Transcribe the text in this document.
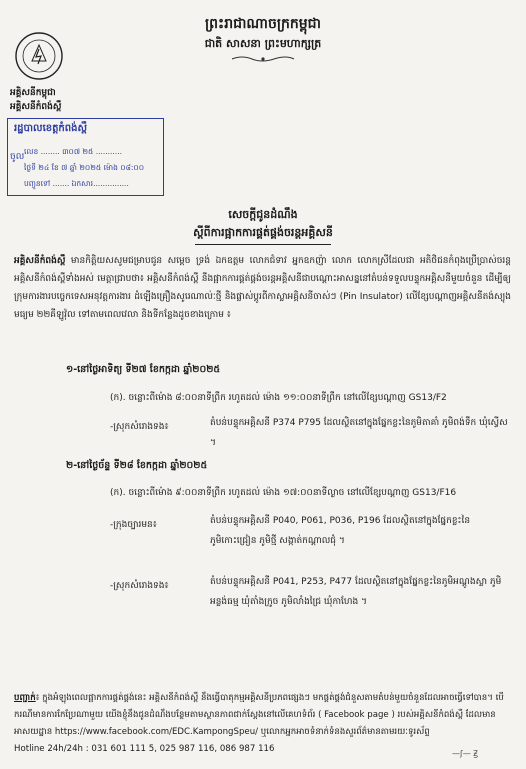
ព្រះរាជាណាចក្រកម្ពុជា
ជាតិ សាសនា ព្រះមហាក្សត្រ
អគ្គិសនីកម្ពុជា
អគ្គិសនីកំពង់ស្ពឺ
រដ្ឋបាលខេត្តកំពង់ស្ពឺ
ចូល
លេខ ........ ៣០៧ ២៥ ...........
ថ្ងៃទី ២៤ ខែ ៧ ឆ្នាំ ២០២៥ ម៉ោង ០៨:០០
បញ្ជូនទៅ ....... ឯកសារ...............
សេចក្តីជូនដំណឹង
ស្តីពីការផ្អាកការផ្គត់ផ្គង់ចរន្តអគ្គិសនី
អគ្គិសនីកំពង់ស្ពឺ មានកិត្តិយសសូមជម្រាបជូន សម្តេច ទ្រង់ ឯកឧត្តម លោកជំទាវ អ្នកឧកញ៉ា លោក លោកស្រីដែលជា អតិថិជនកំពុងប្រើប្រាស់ចរន្តអគ្គិសនីកំពង់ស្ពឺទាំងអស់ មេត្តាជ្រាបថា៖ អគ្គិសនីកំពង់ស្ពឺ នឹងផ្អាកការផ្គត់ផ្គង់ចរន្តអគ្គិសនីជាបណ្តោះអាសន្ននៅតំបន់ទទួលបន្ទុកអគ្គិសនីមួយចំនួន ដើម្បីឲ្យក្រុមការងារបច្ចេកទេសអនុវត្តការងារ ដំឡើងគ្រឿងសូរេណាល់ៈថ្មី និងផ្លាស់ប្តូរពីកាស្លាអគ្គិសនីចាស់ៗ (Pin Insulator) លើខ្សែបណ្តាញអគ្គិសនីតង់ស្យុងមធ្យម ២២គីឡូវ៉ុល ទៅតាមពេលវេលា និងទីកន្លែងដូចខាងក្រោម ៖
១-នៅថ្ងៃអាទិត្យ ទី២៧ ខែកក្កដា ឆ្នាំ២០២៥
(ក). ចន្លោះពីម៉ោង ៨:០០នាទីព្រឹក រហូតដល់ ម៉ោង ១១:០០នាទីព្រឹក នៅលើខ្សែបណ្តាញ GS13/F2
-ស្រុកសំរោងទង៖	តំបន់បន្ទុកអគ្គិសនី P374 P795 ដែលស្ថិតនៅក្នុងផ្នែកខ្លះនៃភូមិតាគាំ ភូមិពង់ទឹក ឃុំស្វេីស ។
២-នៅថ្ងៃច័ន្ទ ទី២៨ ខែកក្កដា ឆ្នាំ២០២៥
(ក). ចន្លោះពីម៉ោង ៩:០០នាទីព្រឹក រហូតដល់ ម៉ោង ១៧:០០នាទីល្ងាច នៅលើខ្សែបណ្តាញ GS13/F16
-ក្រុងច្បារមន៖	តំបន់បន្ទុកអគ្គិសនី P040, P061, P036, P196 ដែលស្ថិតនៅក្នុងផ្នែកខ្លះនៃភូមិកោះជ្រៀន ភូមិថ្មី សង្កាត់កណ្តាលជុំ ។
-ស្រុកសំរោងទង៖	តំបន់បន្ទុកអគ្គិសនី P041, P253, P477 ដែលស្ថិតនៅក្នុងផ្នែកខ្លះនៃភូមិអណ្តូងស្លា ភូមិអន្លង់ធម្ម ឃុំតាំងក្រូច ភូមិលាំងជ្រៃ ឃុំកាហែង ។
បញ្ជាក់៖ ក្នុងអំឡុងពេលផ្អាកការផ្គត់ផ្គង់នេះ អគ្គិសនីកំពង់ស្ពឺ នឹងធ្វើបាតុកម្មអគ្គិសនីប្រភពផ្សេងៗ មកផ្គត់ផ្គង់ជំនួសតាមតំបន់មួយចំនួនដែលអាចធ្វើទៅបាន។ បើករណីមានការកែប្រែណាមួយ យើងខ្ញុំនឹងជូនដំណឹងបន្ថែមតាមស្ថានភាពជាក់ស្តែងនៅលើគេហទំព័រ ( Facebook page ) របស់អគ្គិសនីកំពង់ស្ពឺ ដែលមានអាសយដ្ឋាន https://www.facebook.com/EDC.KampongSpeu/ ឬលោកអ្នកអាចទំនាក់ទំនងសួរព័ត៌មានតាមរយៈទូរស័ព្ទ
Hotline 24h/24h : 031 601 111 5, 025 987 116, 086 987 116	—ʃ— Ꙃ
